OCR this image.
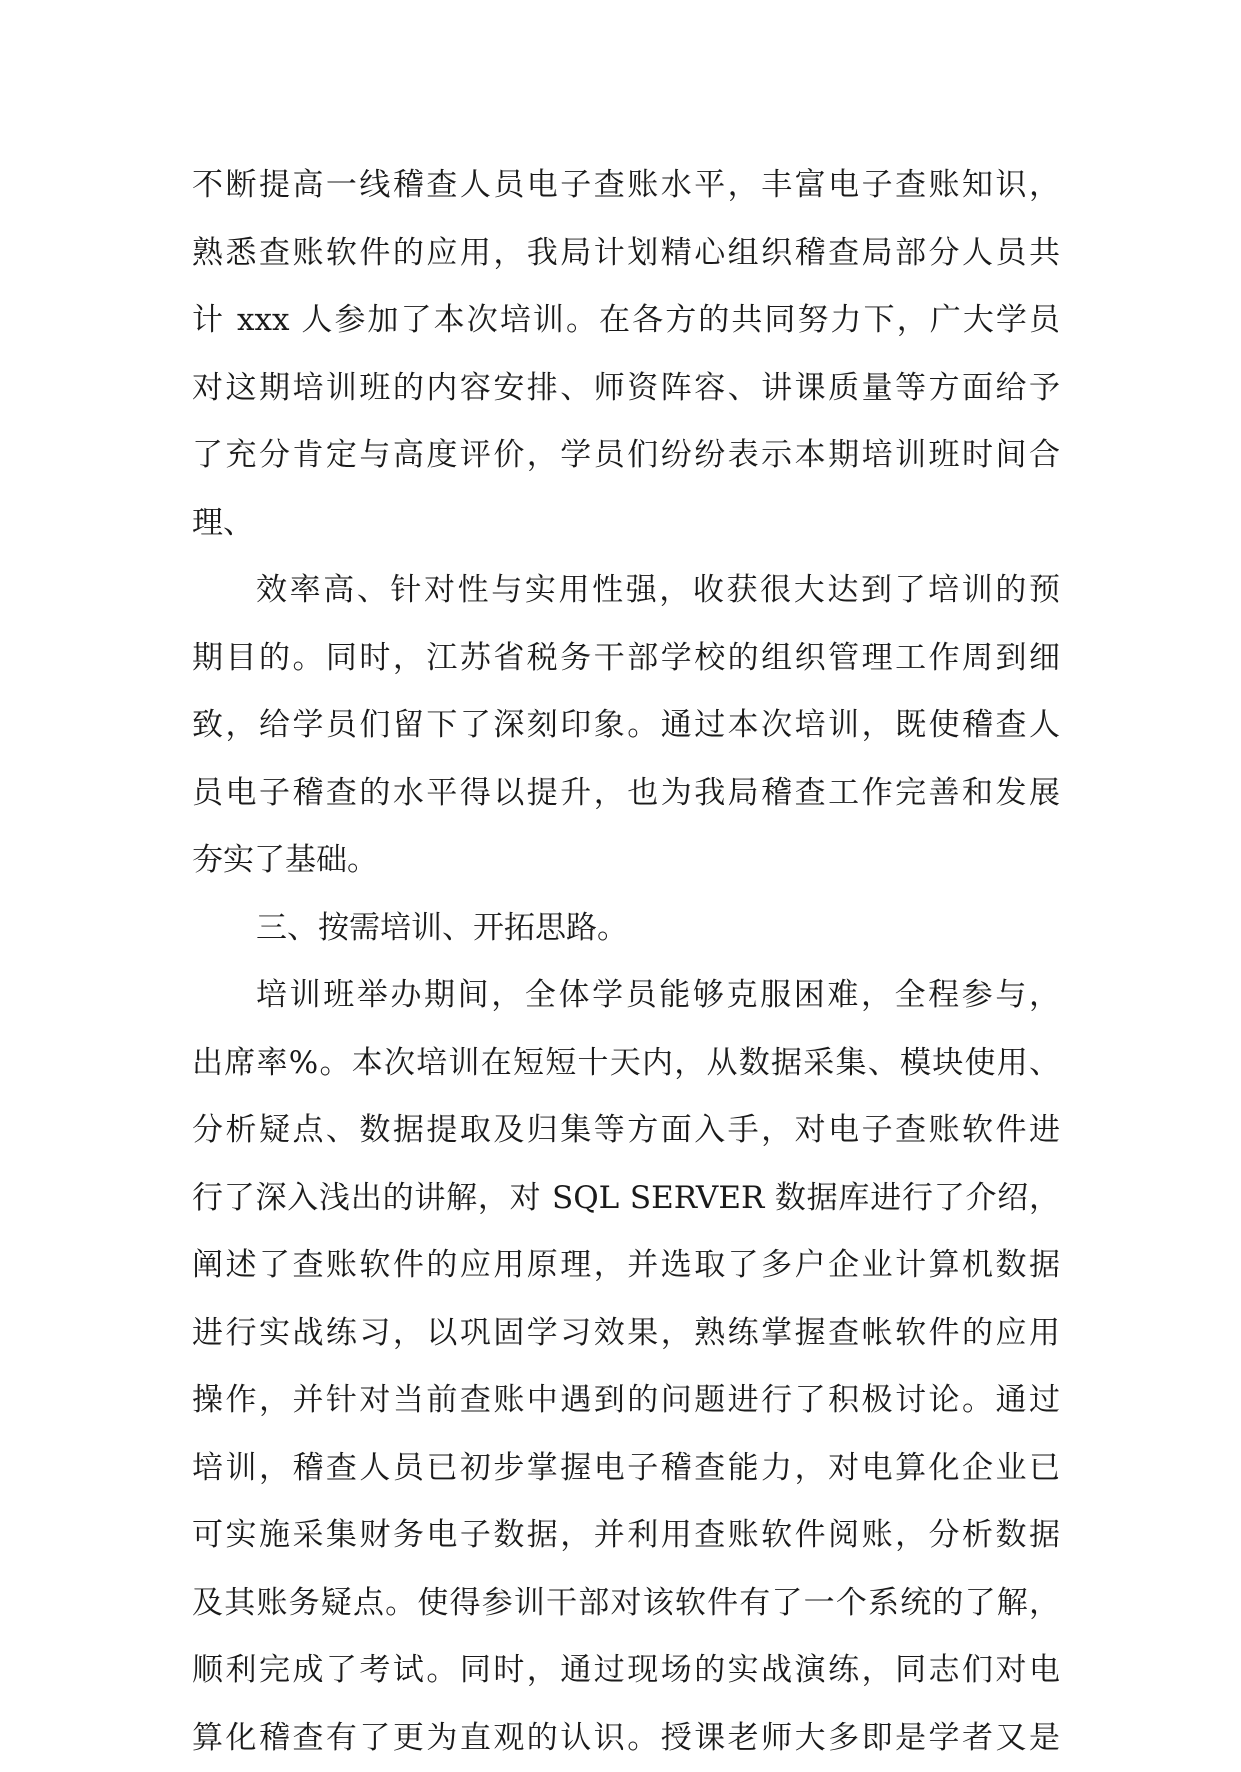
不断提高一线稽查人员电子查账水平，丰富电子查账知识，
熟悉查账软件的应用，我局计划精心组织稽查局部分人员共
计 xxx 人参加了本次培训。在各方的共同努力下，广大学员
对这期培训班的内容安排、师资阵容、讲课质量等方面给予
了充分肯定与高度评价，学员们纷纷表示本期培训班时间合
理、
效率高、针对性与实用性强，收获很大达到了培训的预
期目的。同时，江苏省税务干部学校的组织管理工作周到细
致，给学员们留下了深刻印象。通过本次培训，既使稽查人
员电子稽查的水平得以提升，也为我局稽查工作完善和发展
夯实了基础。
三、按需培训、开拓思路。
培训班举办期间，全体学员能够克服困难，全程参与，
出席率%。本次培训在短短十天内，从数据采集、模块使用、
分析疑点、数据提取及归集等方面入手，对电子查账软件进
行了深入浅出的讲解，对 SQL SERVER 数据库进行了介绍，
阐述了查账软件的应用原理，并选取了多户企业计算机数据
进行实战练习，以巩固学习效果，熟练掌握查帐软件的应用
操作，并针对当前查账中遇到的问题进行了积极讨论。通过
培训，稽查人员已初步掌握电子稽查能力，对电算化企业已
可实施采集财务电子数据，并利用查账软件阅账，分析数据
及其账务疑点。使得参训干部对该软件有了一个系统的了解，
顺利完成了考试。同时，通过现场的实战演练，同志们对电
算化稽查有了更为直观的认识。授课老师大多即是学者又是
